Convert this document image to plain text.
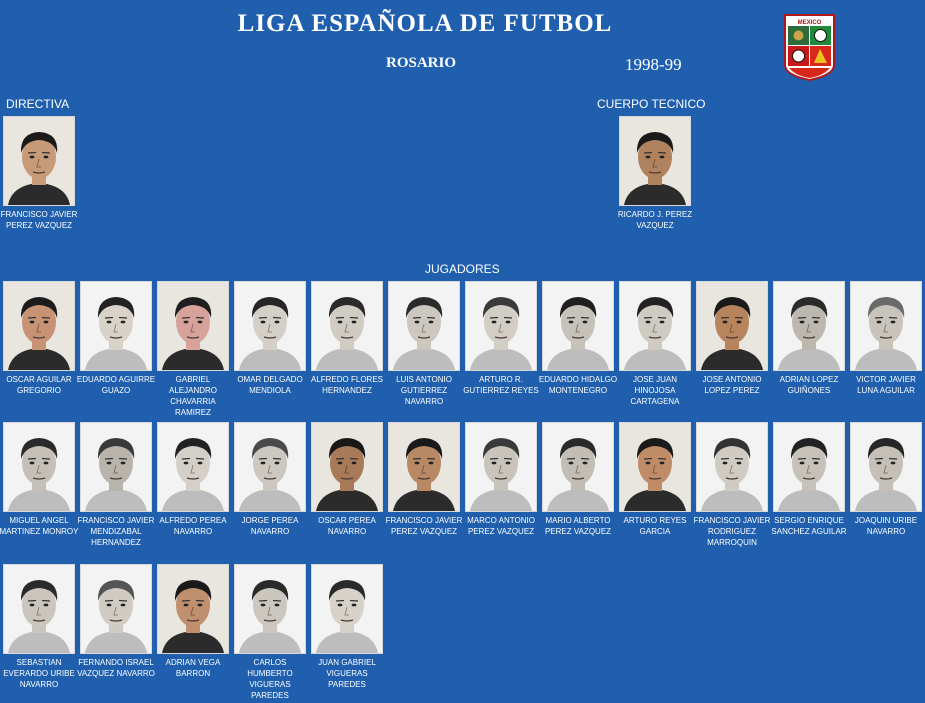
LIGA ESPAÑOLA DE FUTBOL
ROSARIO	1998-99
MEXICO
DIRECTIVA	CUERPO TECNICO
JUGADORES
FRANCISCO JAVIER PEREZ VAZQUEZ
RICARDO J. PEREZ VAZQUEZ
OSCAR AGUILAR GREGORIO
EDUARDO AGUIRRE GUAZO
GABRIEL ALEJANDRO CHAVARRIA RAMIREZ
OMAR DELGADO MENDIOLA
ALFREDO FLORES HERNANDEZ
LUIS ANTONIO GUTIERREZ NAVARRO
ARTURO R. GUTIERREZ REYES
EDUARDO HIDALGO MONTENEGRO
JOSE JUAN HINOJOSA CARTAGENA
JOSE ANTONIO LOPEZ PEREZ
ADRIAN LOPEZ GUIÑONES
VICTOR JAVIER LUNA AGUILAR
MIGUEL ANGEL MARTINEZ MONROY
FRANCISCO JAVIER MENDIZABAL HERNANDEZ
ALFREDO PEREA NAVARRO
JORGE PEREA NAVARRO
OSCAR PEREA NAVARRO
FRANCISCO JAVIER PEREZ VAZQUEZ
MARCO ANTONIO PEREZ VAZQUEZ
MARIO ALBERTO PEREZ VAZQUEZ
ARTURO REYES GARCIA
FRANCISCO JAVIER RODRIGUEZ MARROQUIN
SERGIO ENRIQUE SANCHEZ AGUILAR
JOAQUIN URIBE NAVARRO
SEBASTIAN EVERARDO URIBE NAVARRO
FERNANDO ISRAEL VAZQUEZ NAVARRO
ADRIAN VEGA BARRON
CARLOS HUMBERTO VIGUERAS PAREDES
JUAN GABRIEL VIGUERAS PAREDES
